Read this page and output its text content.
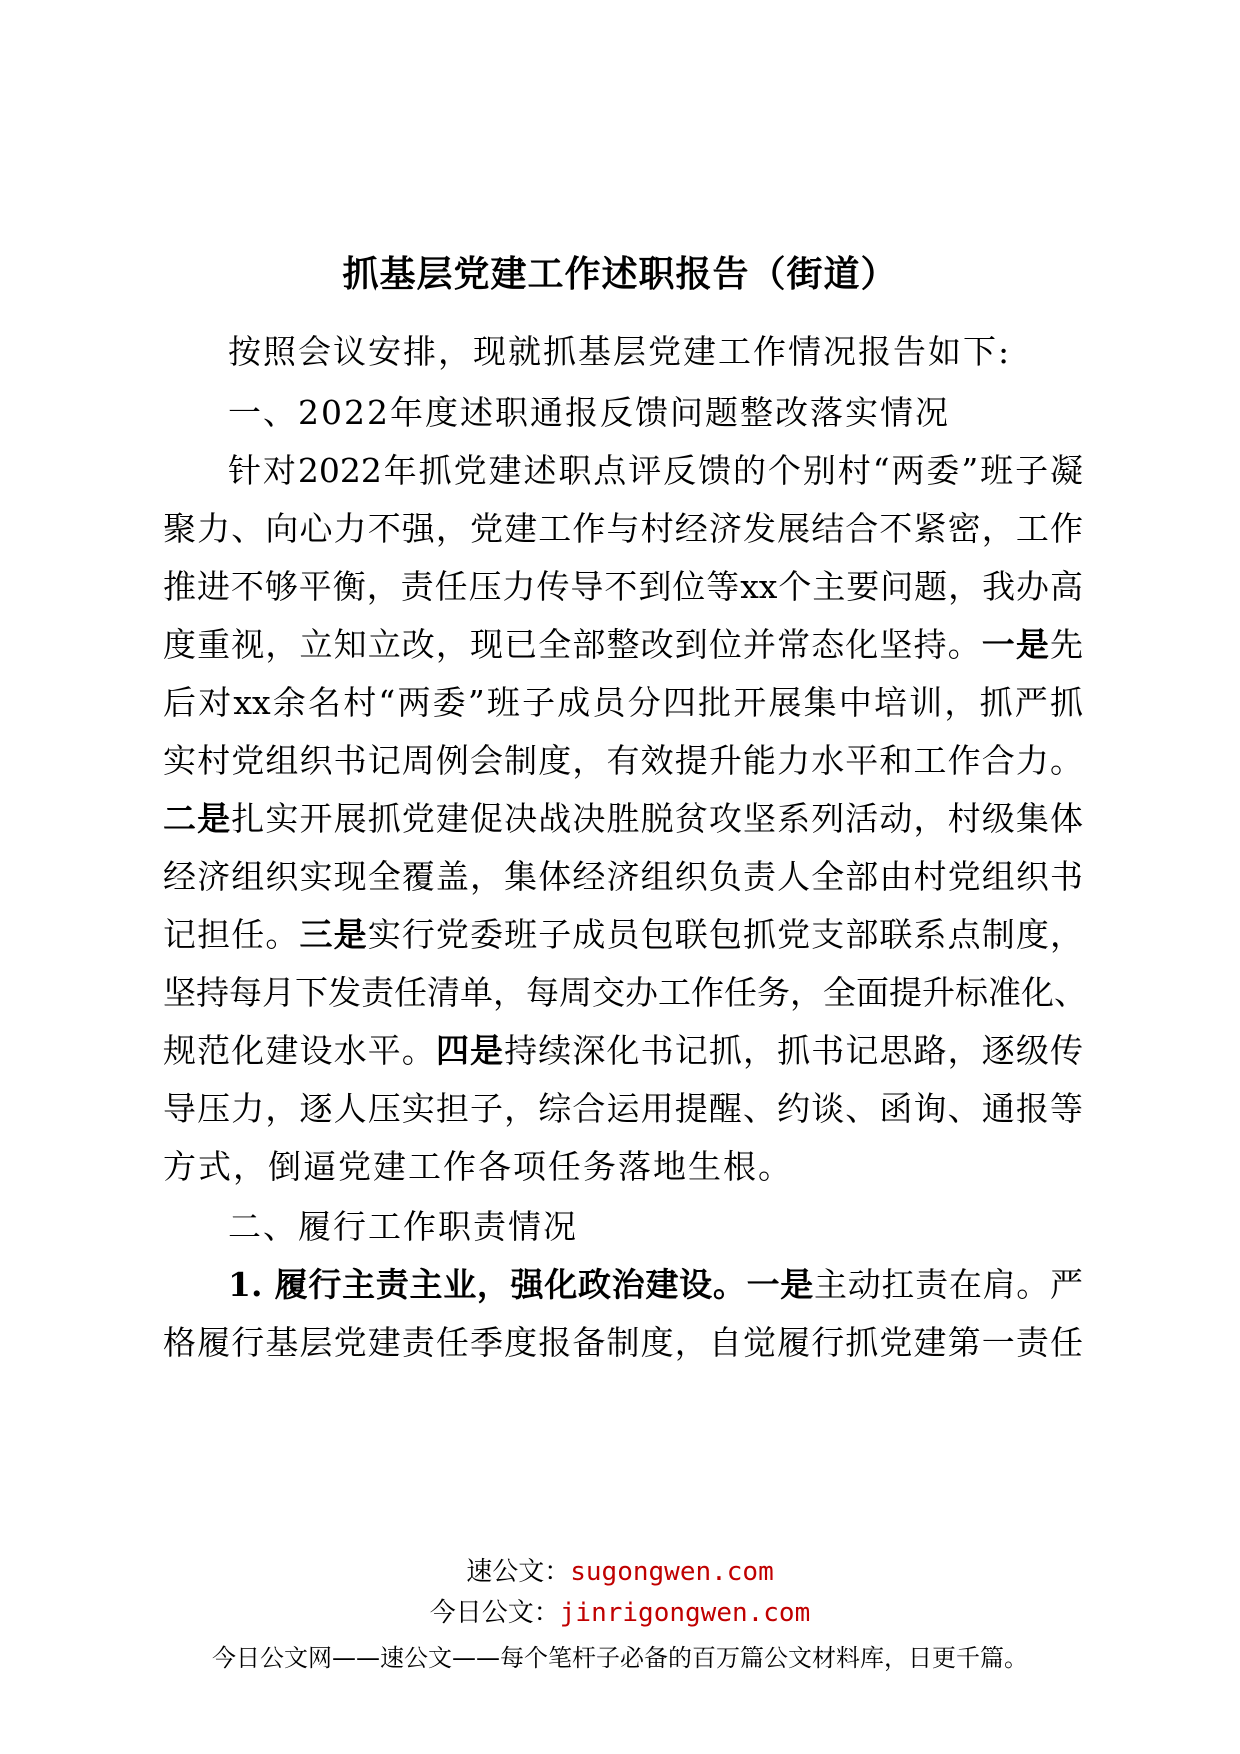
抓基层党建工作述职报告（街道）
按照会议安排，现就抓基层党建工作情况报告如下:
一、2022年度述职通报反馈问题整改落实情况
针对2022年抓党建述职点评反馈的个别村“两委”班子凝
聚力、向心力不强，党建工作与村经济发展结合不紧密，工作
推进不够平衡，责任压力传导不到位等xx个主要问题，我办高
度重视，立知立改，现已全部整改到位并常态化坚持。一是先
后对xx余名村“两委”班子成员分四批开展集中培训，抓严抓
实村党组织书记周例会制度，有效提升能力水平和工作合力。
二是扎实开展抓党建促决战决胜脱贫攻坚系列活动，村级集体
经济组织实现全覆盖，集体经济组织负责人全部由村党组织书
记担任。三是实行党委班子成员包联包抓党支部联系点制度，
坚持每月下发责任清单，每周交办工作任务，全面提升标准化、
规范化建设水平。四是持续深化书记抓，抓书记思路，逐级传
导压力，逐人压实担子，综合运用提醒、约谈、函询、通报等
方式，倒逼党建工作各项任务落地生根。
二、履行工作职责情况
1. 履行主责主业，强化政治建设。一是主动扛责在肩。严
格履行基层党建责任季度报备制度，自觉履行抓党建第一责任
速公文：sugongwen.com
今日公文：jinrigongwen.com
今日公文网——速公文——每个笔杆子必备的百万篇公文材料库，日更千篇。
